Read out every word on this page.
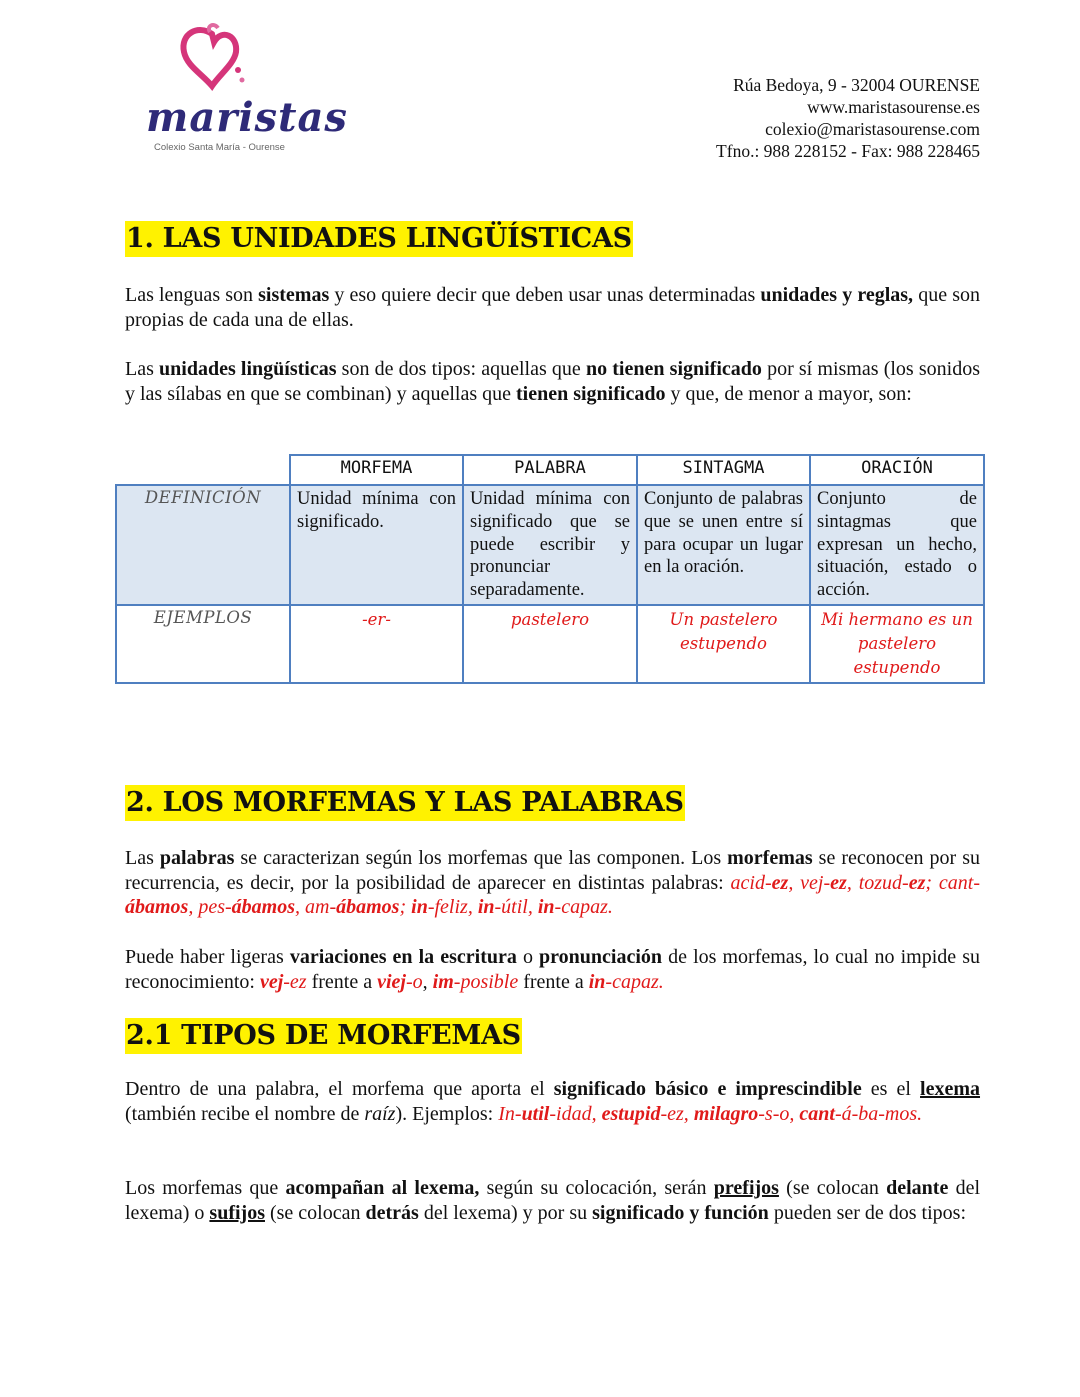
maristas
Colexio Santa María - Ourense
Rúa Bedoya, 9 - 32004 OURENSE
www.maristasourense.es
colexio@maristasourense.com
Tfno.: 988 228152 - Fax: 988 228465
1. LAS UNIDADES LINGÜÍSTICAS
Las lenguas son sistemas y eso quiere decir que deben usar unas determinadas unidades y reglas, que son propias de cada una de ellas.
Las unidades lingüísticas son de dos tipos: aquellas que no tienen significado por sí mismas (los sonidos y las sílabas en que se combinan) y aquellas que tienen significado y que, de menor a mayor, son:
	MORFEMA	PALABRA	SINTAGMA	ORACIÓN
DEFINICIÓN	Unidad mínima con significado.	Unidad mínima con significado que se puede escribir y pronunciar separadamente.	Conjunto de palabras que se unen entre sí para ocupar un lugar en la oración.	Conjunto de sintagmas que expresan un hecho, situación, estado o acción.
EJEMPLOS	-er-	pastelero	Un pastelero estupendo	Mi hermano es un pastelero estupendo
2. LOS MORFEMAS Y LAS PALABRAS
Las palabras se caracterizan según los morfemas que las componen. Los morfemas se reconocen por su recurrencia, es decir, por la posibilidad de aparecer en distintas palabras: acid-ez, vej-ez, tozud-ez; cant-ábamos, pes-ábamos, am-ábamos; in-feliz, in-útil, in-capaz.
Puede haber ligeras variaciones en la escritura o pronunciación de los morfemas, lo cual no impide su reconocimiento: vej-ez frente a viej-o, im-posible frente a in-capaz.
2.1 TIPOS DE MORFEMAS
Dentro de una palabra, el morfema que aporta el significado básico e imprescindible es el lexema (también recibe el nombre de raíz). Ejemplos: In-util-idad, estupid-ez, milagro-s-o, cant-á-ba-mos.
Los morfemas que acompañan al lexema, según su colocación, serán prefijos (se colocan delante del lexema) o sufijos (se colocan detrás del lexema) y por su significado y función pueden ser de dos tipos:
